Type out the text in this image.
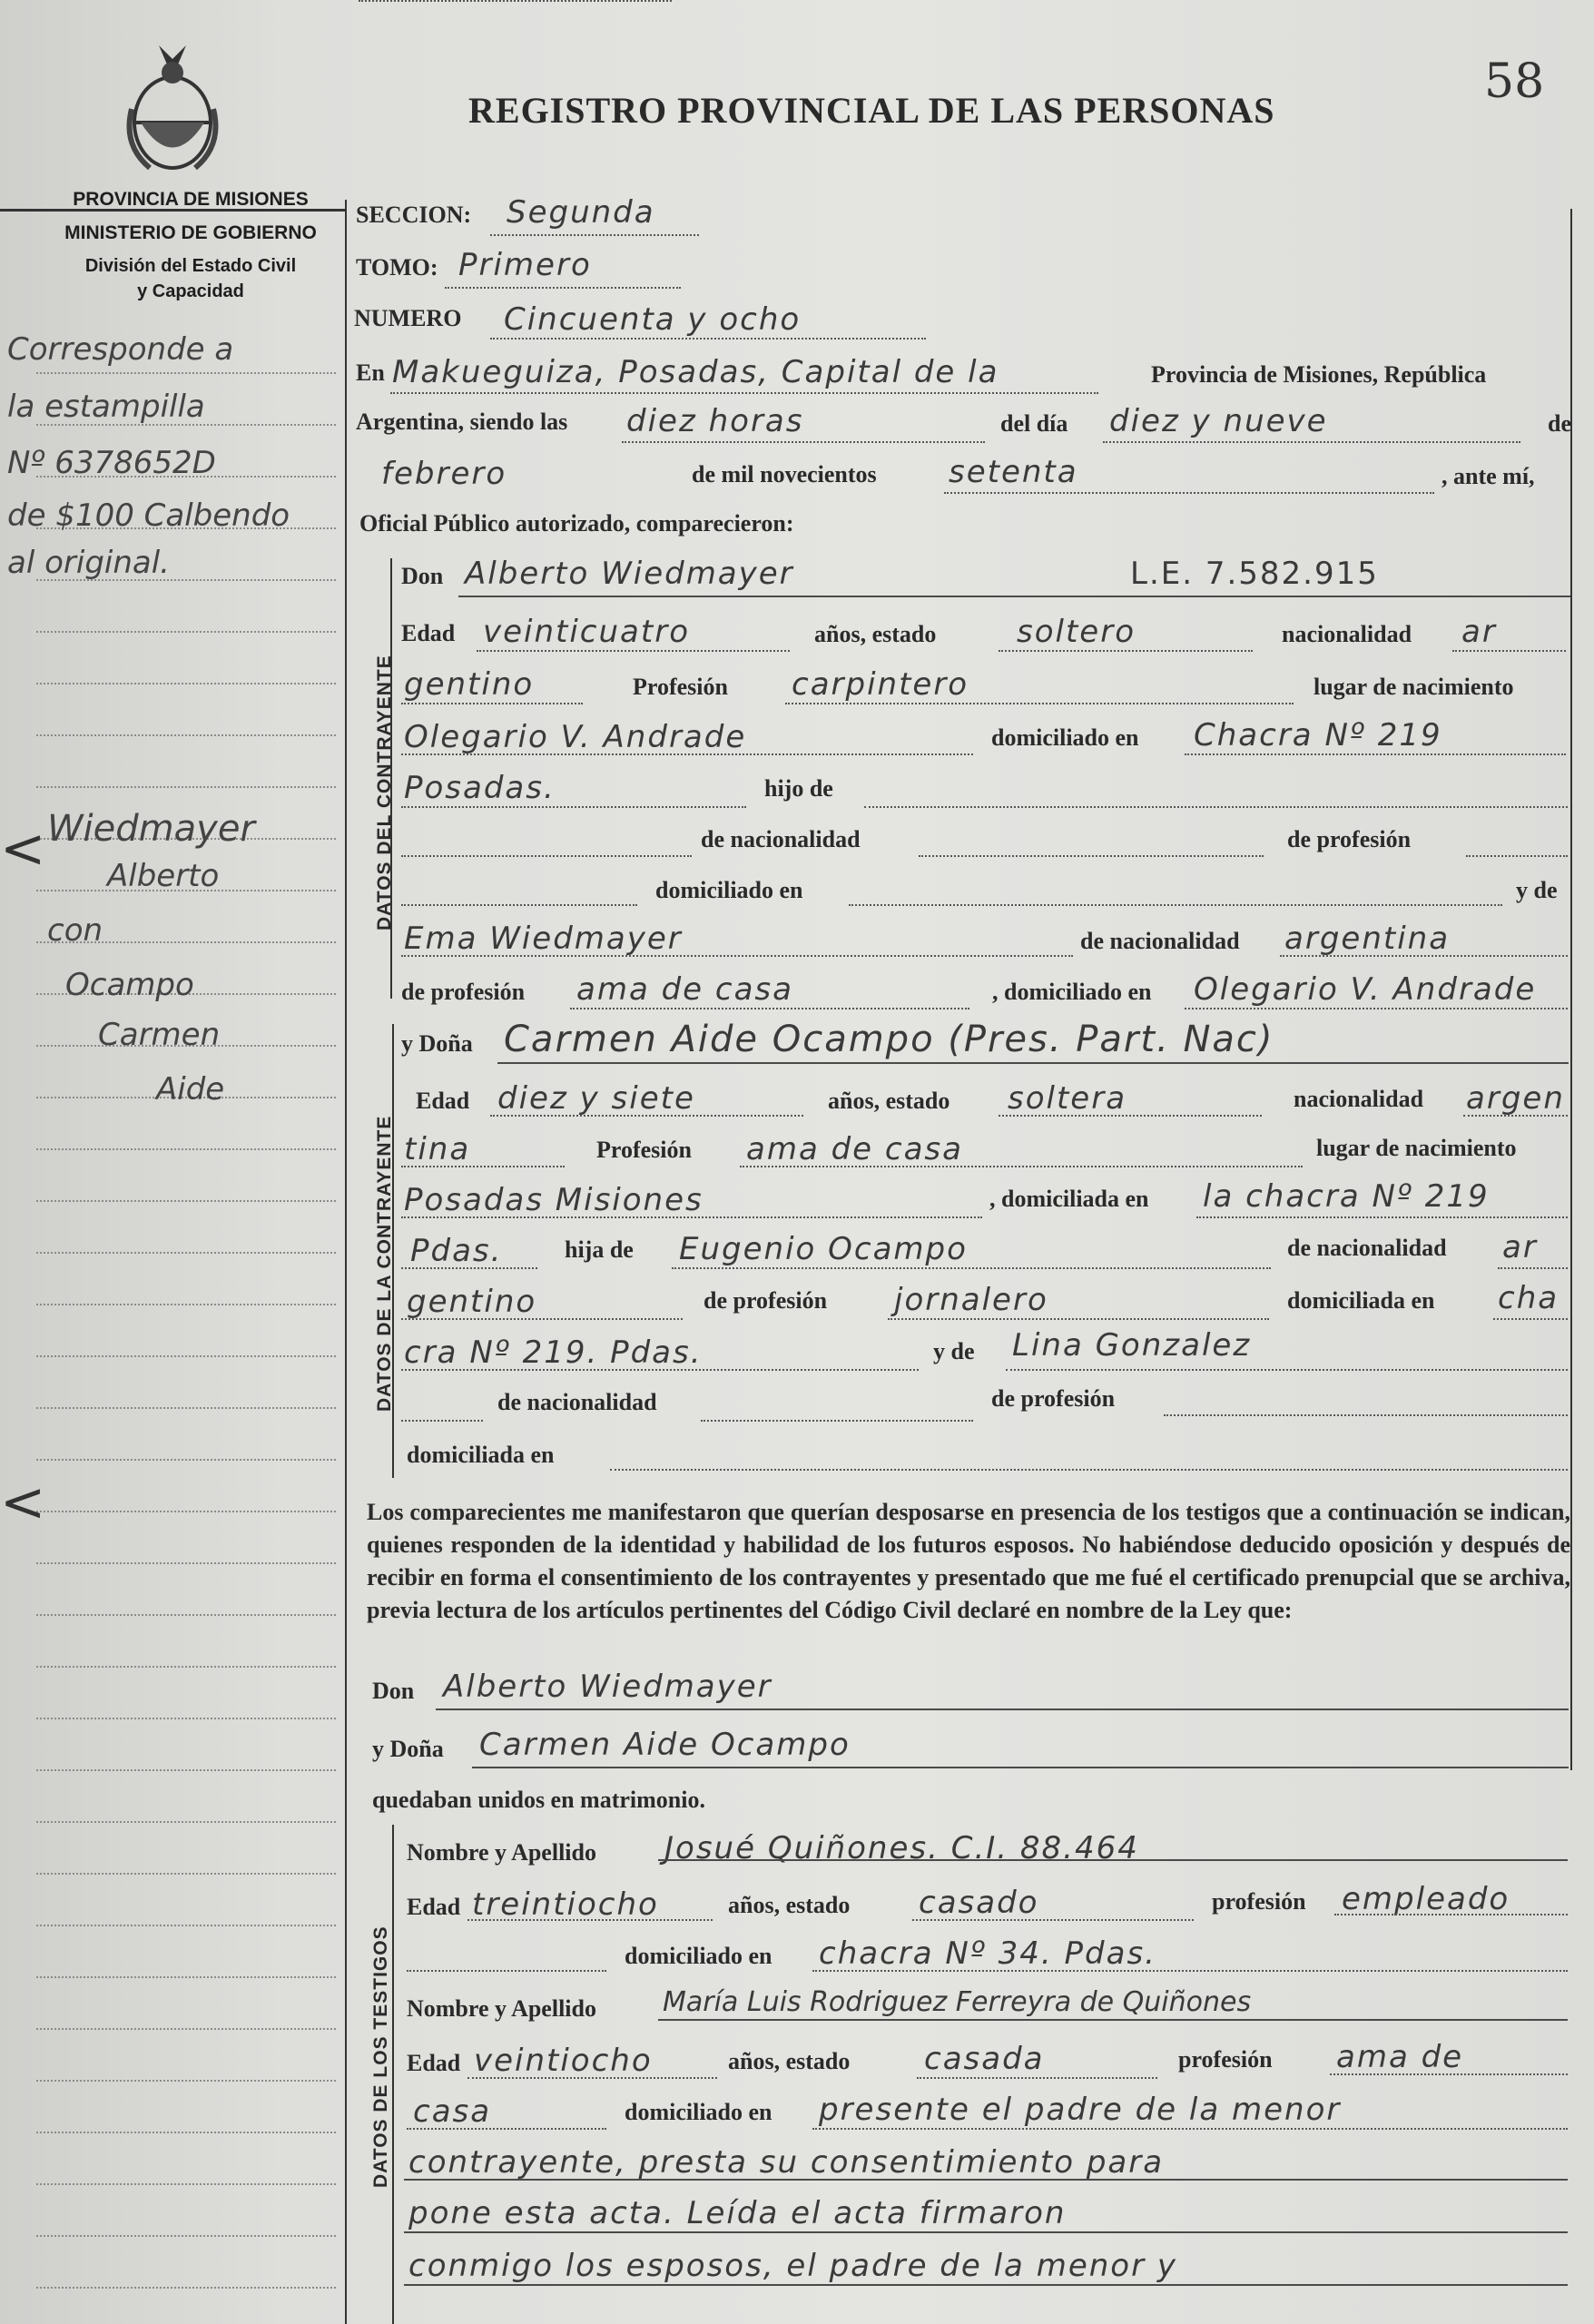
REGISTRO PROVINCIAL DE LAS PERSONAS
58
PROVINCIA DE MISIONES
MINISTERIO DE GOBIERNO
División del Estado Civil
y Capacidad
Corresponde a
la estampilla
Nº 6378652D
de $100 Calbendo
al original.
Wiedmayer
Alberto
con
Ocampo
Carmen
Aide
SECCION: Segunda
TOMO: Primero
NUMERO Cincuenta y ocho
En Makueguiza, Posadas, Capital de la	Provincia de Misiones, República
Argentina, siendo las diez horas	del día diez y nueve	de
febrero	de mil novecientos setenta	, ante mí,
Oficial Público autorizado, comparecieron:
DATOS DEL CONTRAYENTE
Don Alberto Wiedmayer	L.E. 7.582.915
Edad veinticuatro	años, estado	soltero	nacionalidad ar
gentino	Profesión carpintero	lugar de nacimiento
Olegario V. Andrade	domiciliado en Chacra Nº 219
Posadas.	hijo de
de nacionalidad	de profesión
domiciliado en	y de
Ema Wiedmayer	de nacionalidad argentina
de profesión ama de casa	, domiciliado en Olegario V. Andrade
DATOS DE LA CONTRAYENTE
y Doña Carmen Aide Ocampo (Pres. Part. Nac)
Edad diez y siete	años, estado soltera	nacionalidad argen
tina	Profesión ama de casa	lugar de nacimiento
Posadas Misiones	, domiciliada en la chacra Nº 219
Pdas.	hija de Eugenio Ocampo	de nacionalidad ar
gentino	de profesión jornalero	domiciliada en cha
cra Nº 219. Pdas.	y de Lina Gonzalez
de nacionalidad	de profesión
domiciliada en
Los comparecientes me manifestaron que querían desposarse en presencia de los testigos que a continuación se indican, quienes responden de la identidad y habilidad de los futuros esposos. No habiéndose deducido oposición y después de recibir en forma el consentimiento de los contrayentes y presentado que me fué el certificado prenupcial que se archiva, previa lectura de los artículos pertinentes del Código Civil declaré en nombre de la Ley que:
Don Alberto Wiedmayer
y Doña Carmen Aide Ocampo
quedaban unidos en matrimonio.
DATOS DE LOS TESTIGOS
Nombre y Apellido Josué Quiñones. C.I. 88.464
Edad treintiocho	años, estado casado	profesión empleado
domiciliado en chacra Nº 34. Pdas.
Nombre y Apellido María Luis Rodriguez Ferreyra de Quiñones
Edad veintiocho	años, estado casada	profesión ama de
casa	domiciliado en presente el padre de la menor
contrayente, presta su consentimiento para
pone esta acta. Leída el acta firmaron
conmigo los esposos, el padre de la menor y
<
<
